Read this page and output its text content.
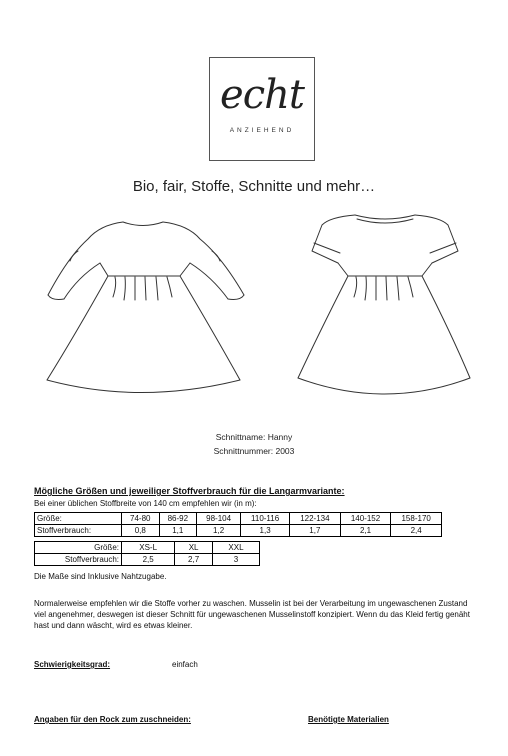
echt
ANZIEHEND
Bio, fair, Stoffe, Schnitte und mehr…
Schnittname: Hanny
Schnittnummer: 2003
Mögliche Größen und jeweiliger Stoffverbrauch für die Langarmvariante:
Bei einer üblichen Stoffbreite von 140 cm empfehlen wir (in m):
Größe:	74-80	86-92	98-104	110-116	122-134	140-152	158-170
Stoffverbrauch:	0,8	1,1	1,2	1,3	1,7	2,1	2,4
Größe:	XS-L	XL	XXL
Stoffverbrauch:	2,5	2,7	3
Die Maße sind Inklusive Nahtzugabe.
Normalerweise empfehlen wir die Stoffe vorher zu waschen. Musselin ist bei der Verarbeitung im ungewaschenen Zustand viel angenehmer, deswegen ist dieser Schnitt für ungewaschenen Musselinstoff konzipiert. Wenn du das Kleid fertig genäht hast und dann wäscht, wird es etwas kleiner.
Schwierigkeitsgrad:	einfach
Angaben für den Rock zum zuschneiden:	Benötigte Materialien
